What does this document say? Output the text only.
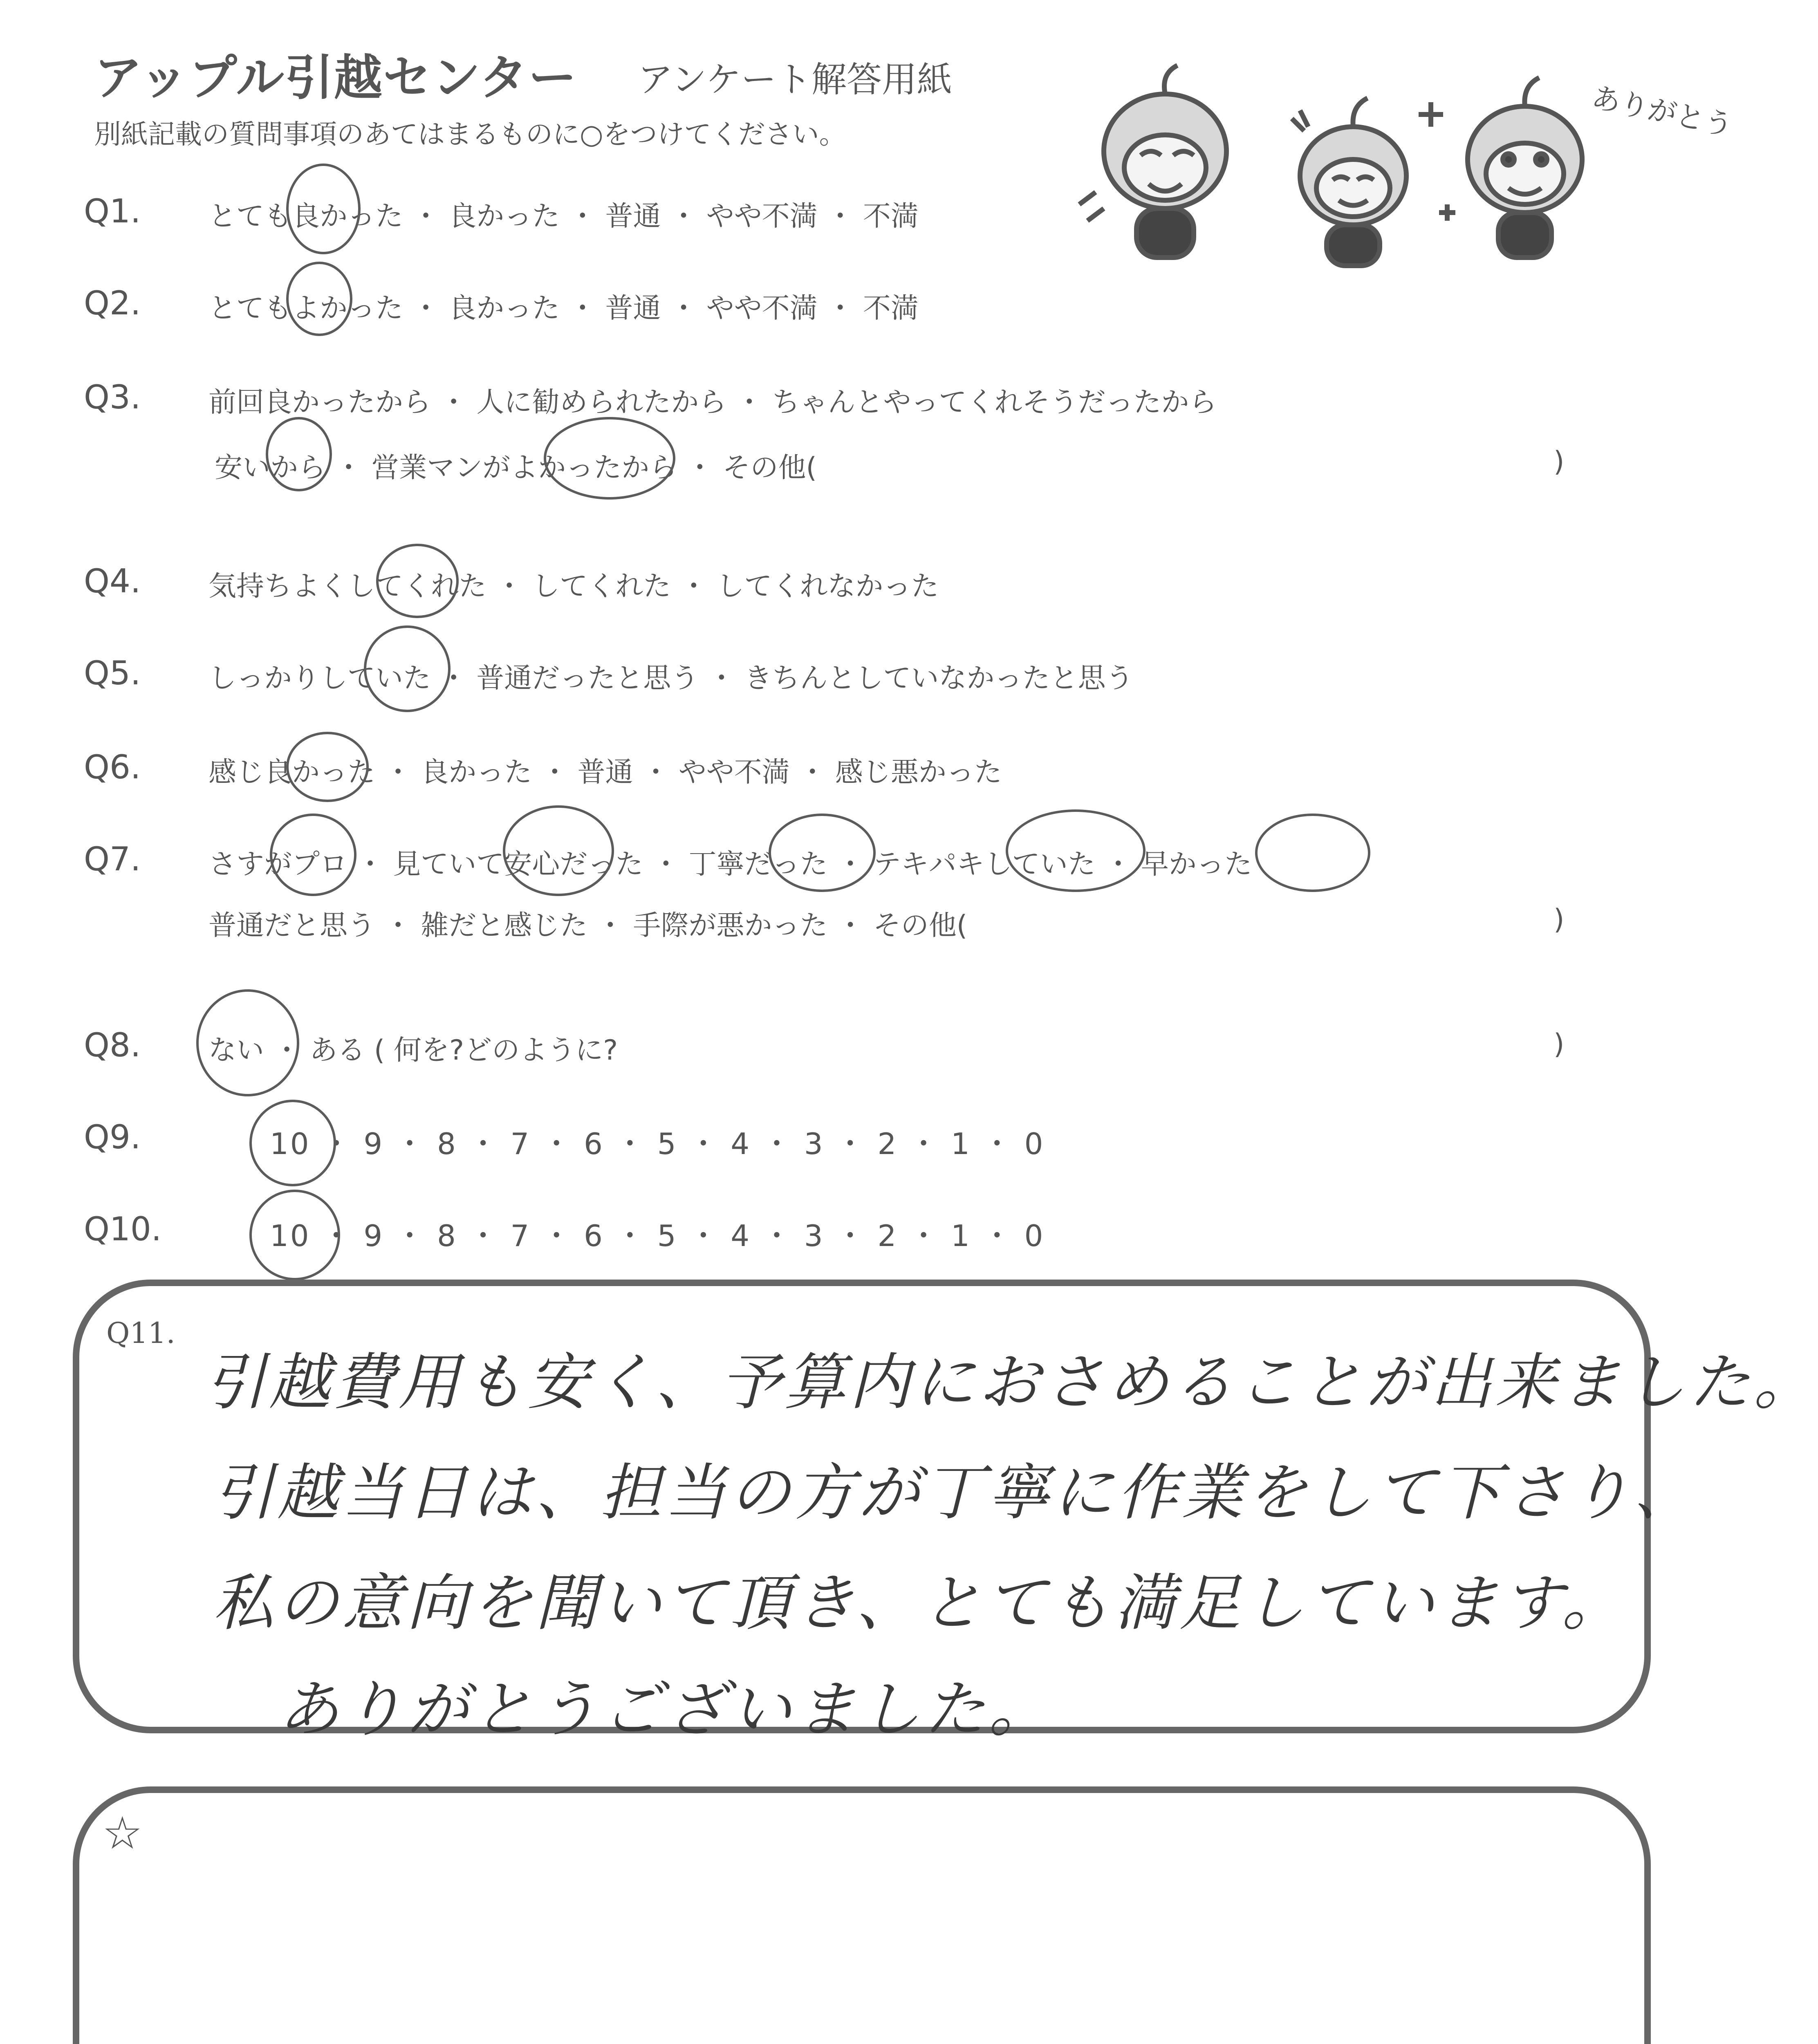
アップル引越センター アンケート解答用紙
別紙記載の質問事項のあてはまるものに○をつけてください。	ありがとう
Q1. とても良かった ・ 良かった ・ 普通 ・ やや不満 ・ 不満
Q2. とてもよかった ・ 良かった ・ 普通 ・ やや不満 ・ 不満
Q3. 前回良かったから ・ 人に勧められたから ・ ちゃんとやってくれそうだったから
安いから ・ 営業マンがよかったから ・ その他(	)
Q4. 気持ちよくしてくれた ・ してくれた ・ してくれなかった
Q5. しっかりしていた ・ 普通だったと思う ・ きちんとしていなかったと思う
Q6. 感じ良かった ・ 良かった ・ 普通 ・ やや不満 ・ 感じ悪かった
Q7. さすがプロ ・ 見ていて安心だった ・ 丁寧だった ・ テキパキしていた ・ 早かった
普通だと思う ・ 雑だと感じた ・ 手際が悪かった ・ その他(	)
Q8. ない ・ ある ( 何を?どのように?	)
Q9.	10 ・ 9 ・ 8 ・ 7 ・ 6 ・ 5 ・ 4 ・ 3 ・ 2 ・ 1 ・ 0
Q10.	10 ・ 9 ・ 8 ・ 7 ・ 6 ・ 5 ・ 4 ・ 3 ・ 2 ・ 1 ・ 0
Q11.
引越費用も安く、予算内におさめることが出来ました。
引越当日は、担当の方が丁寧に作業をして下さり、
私の意向を聞いて頂き、とても満足しています。
ありがとうございました。
☆
